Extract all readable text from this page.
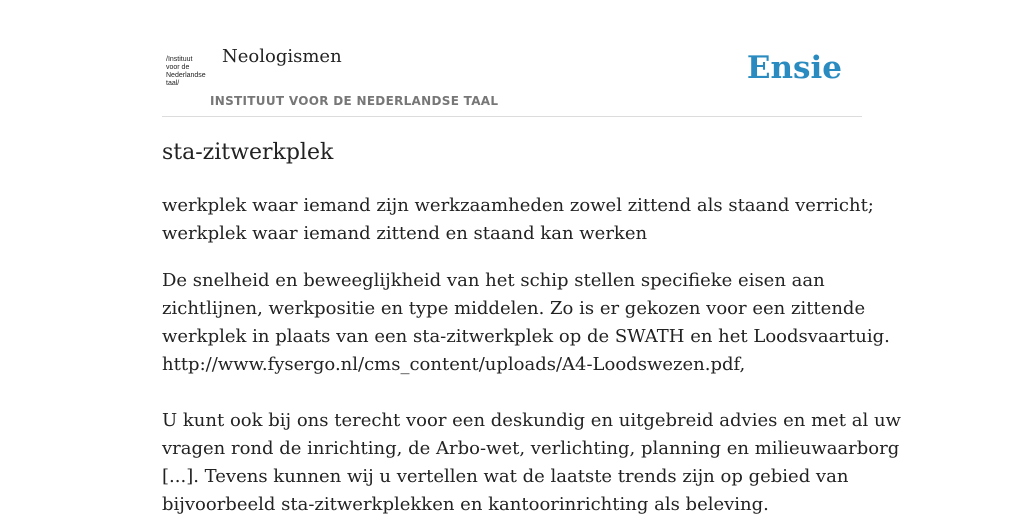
/Instituut
voor de
Nederlandse
taal/
Neologismen
INSTITUUT VOOR DE NEDERLANDSE TAAL
Ensie
sta-zitwerkplek

werkplek waar iemand zijn werkzaamheden zowel zittend als staand verricht;
werkplek waar iemand zittend en staand kan werken

De snelheid en beweeglijkheid van het schip stellen specifieke eisen aan
zichtlijnen, werkpositie en type middelen. Zo is er gekozen voor een zittende
werkplek in plaats van een sta-zitwerkplek op de SWATH en het Loodsvaartuig.
http://www.fysergo.nl/cms_content/uploads/A4-Loodswezen.pdf,

U kunt ook bij ons terecht voor een deskundig en uitgebreid advies en met al uw
vragen rond de inrichting, de Arbo-wet, verlichting, planning en milieuwaarborg
[...]. Tevens kunnen wij u vertellen wat de laatste trends zijn op gebied van
bijvoorbeeld sta-zitwerkplekken en kantoorinrichting als beleving.
